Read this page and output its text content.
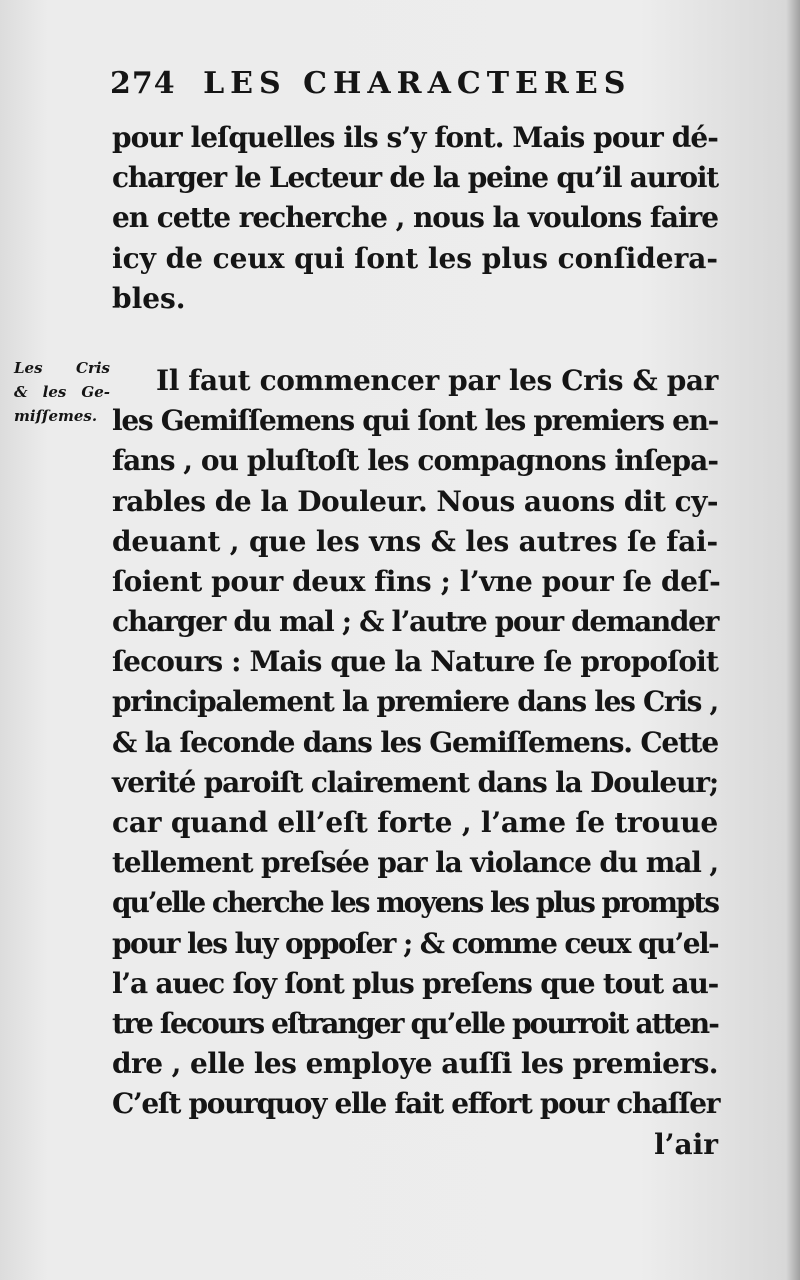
274 LES CHARACTERES
Les Cris
& les Ge-
miſſemes.
pour leſquelles ils s’y font. Mais pour dé-
charger le Lecteur de la peine qu’il auroit
en cette recherche , nous la voulons faire
icy de ceux qui ſont les plus conſidera-
bles.
Il faut commencer par les Cris & par
les Gemiſſemens qui ſont les premiers en-
fans , ou pluſtoſt les compagnons inſepa-
rables de la Douleur. Nous auons dit cy-
deuant , que les vns & les autres ſe fai-
ſoient pour deux fins ; l’vne pour ſe deſ-
charger du mal ; & l’autre pour demander
ſecours : Mais que la Nature ſe propoſoit
principalement la premiere dans les Cris ,
& la ſeconde dans les Gemiſſemens. Cette
verité paroiſt clairement dans la Douleur;
car quand ell’eſt forte , l’ame ſe trouue
tellement preſsée par la violance du mal ,
qu’elle cherche les moyens les plus prompts
pour les luy oppoſer ; & comme ceux qu’el-
l’a auec ſoy ſont plus preſens que tout au-
tre ſecours eſtranger qu’elle pourroit atten-
dre , elle les employe auſſi les premiers.
C’eſt pourquoy elle fait effort pour chaſſer
l’air
